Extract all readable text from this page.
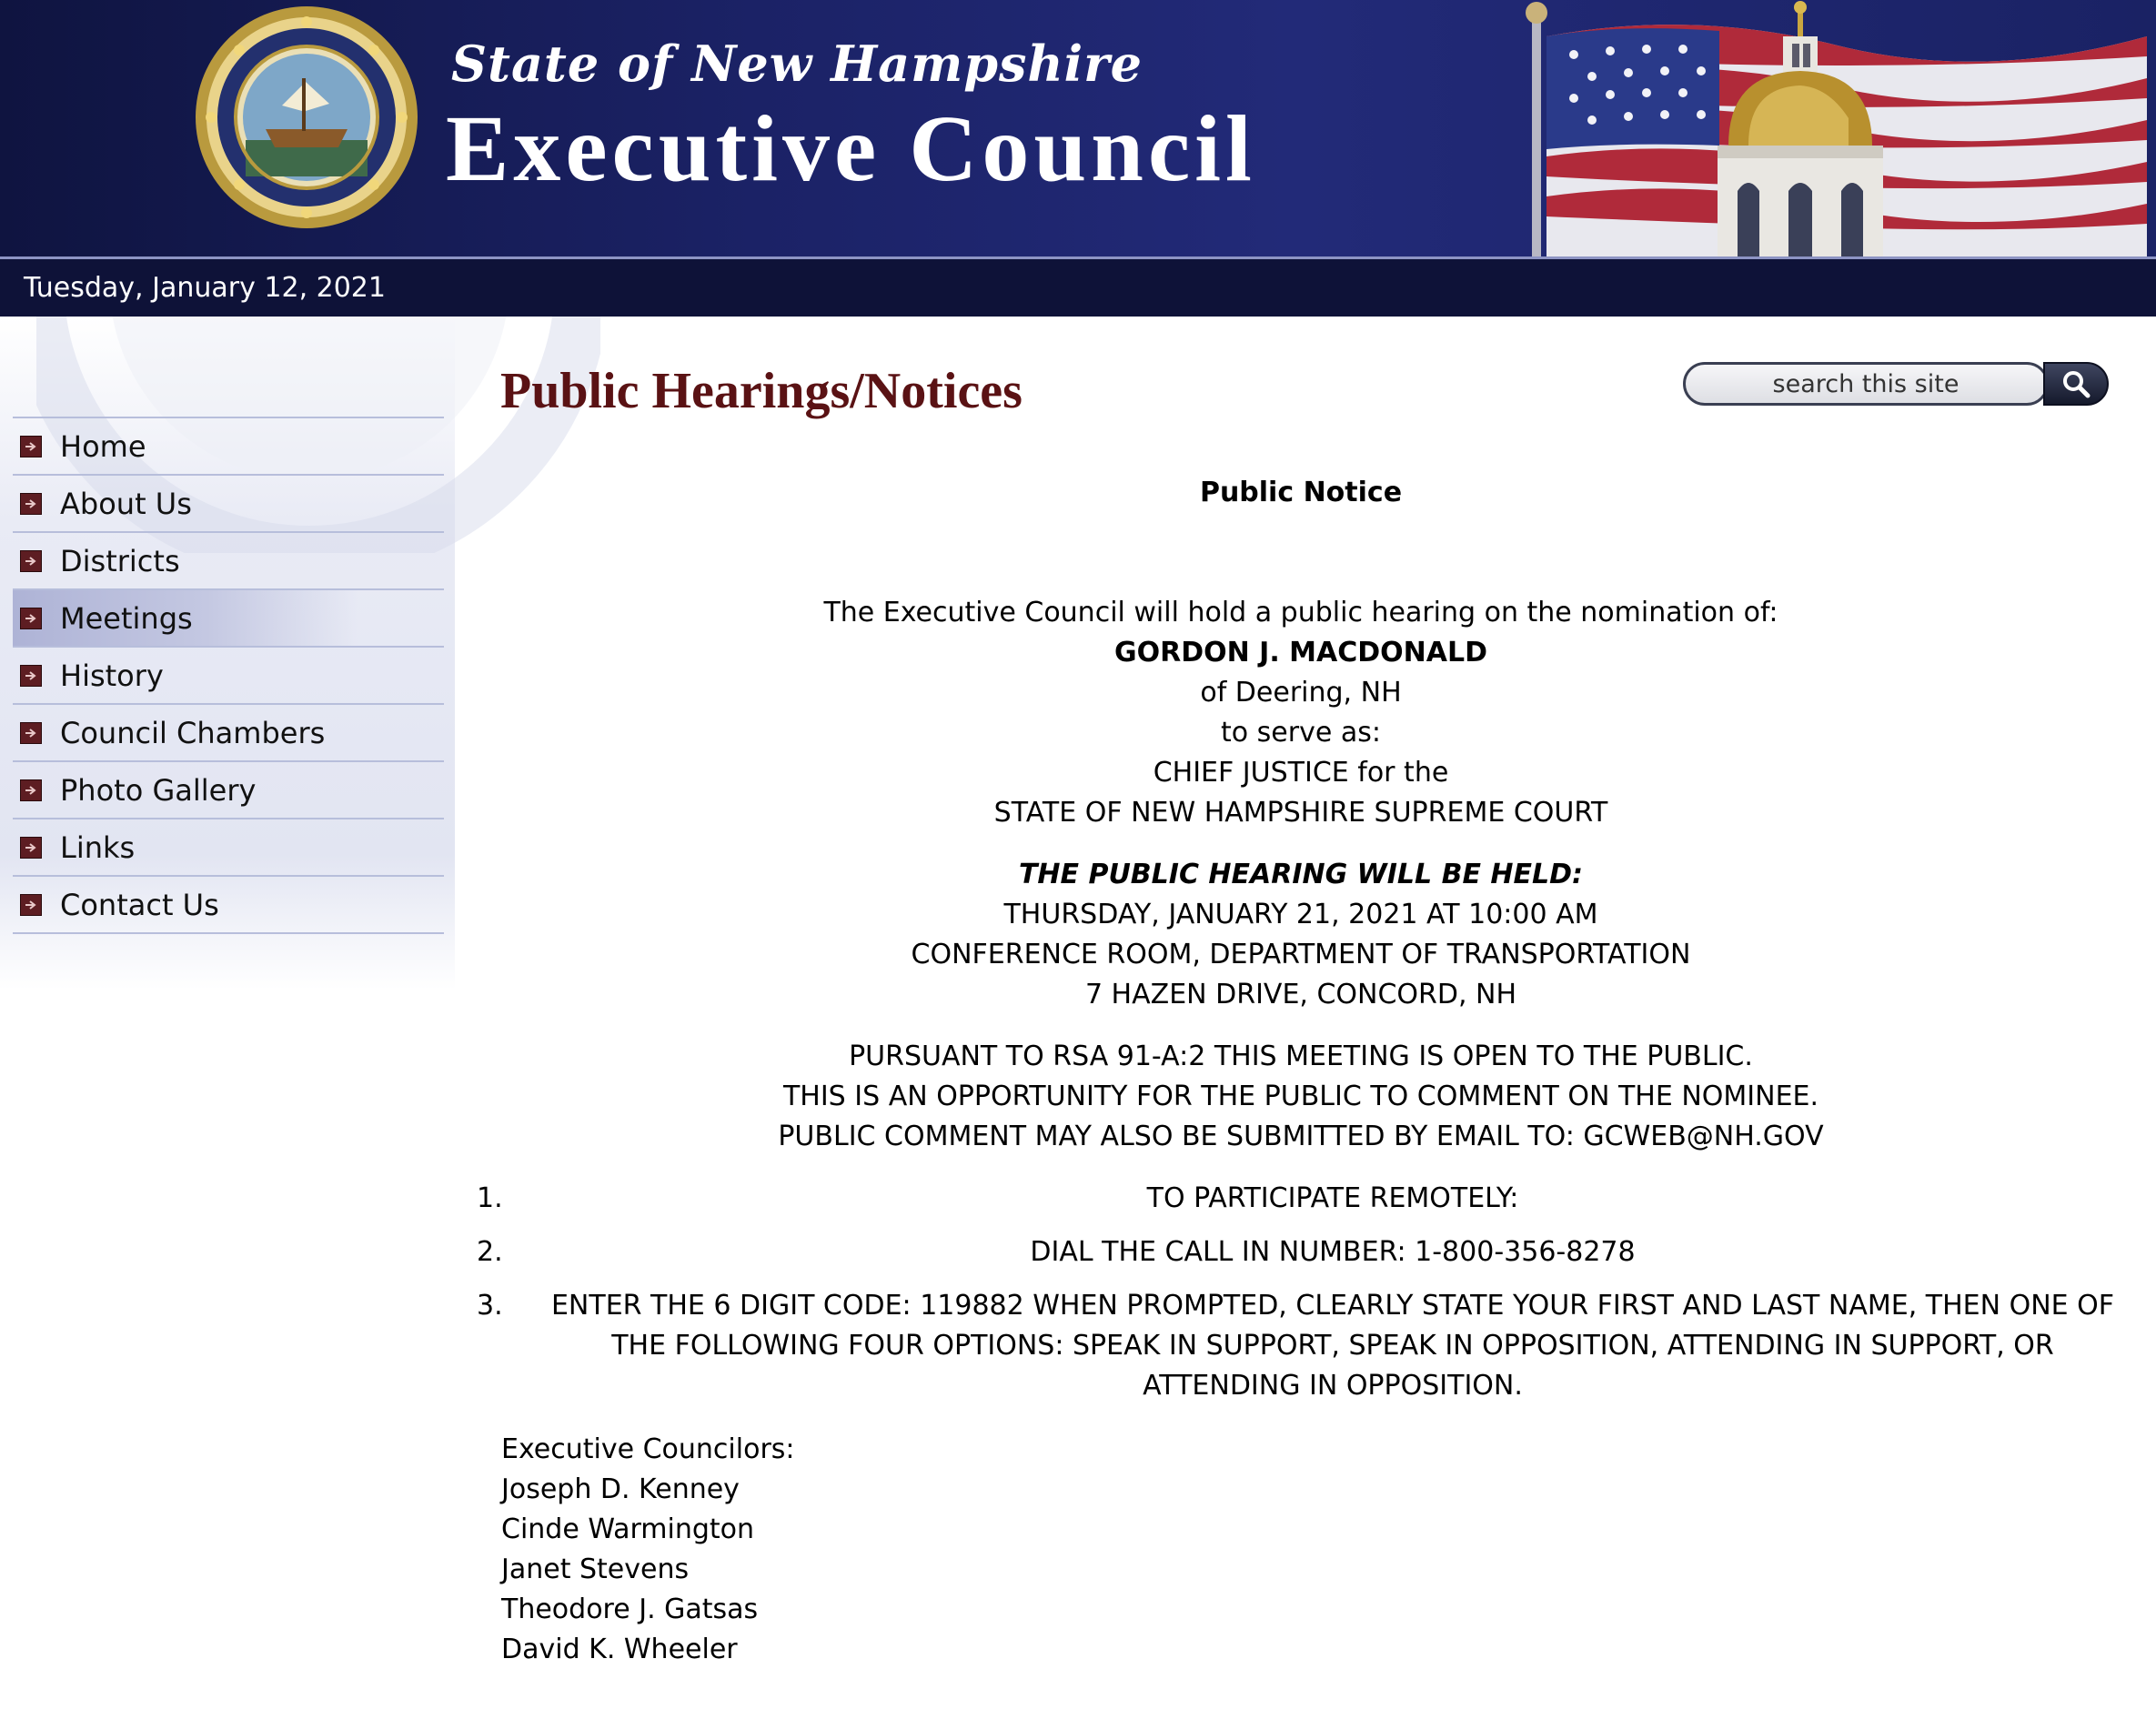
State of New Hampshire
Executive Council
Tuesday, January 12, 2021
Home
About Us
Districts
Meetings
History
Council Chambers
Photo Gallery
Links
Contact Us
Public Hearings/Notices
search this site

Public Notice

The Executive Council will hold a public hearing on the nomination of:

GORDON J. MACDONALD

of Deering, NH

to serve as:

CHIEF JUSTICE for the

STATE OF NEW HAMPSHIRE SUPREME COURT

THE PUBLIC HEARING WILL BE HELD:

THURSDAY, JANUARY 21, 2021 AT 10:00 AM

CONFERENCE ROOM, DEPARTMENT OF TRANSPORTATION

7 HAZEN DRIVE, CONCORD, NH

PURSUANT TO RSA 91-A:2 THIS MEETING IS OPEN TO THE PUBLIC.

THIS IS AN OPPORTUNITY FOR THE PUBLIC TO COMMENT ON THE NOMINEE.

PUBLIC COMMENT MAY ALSO BE SUBMITTED BY EMAIL TO: GCWEB@NH.GOV

1.	TO PARTICIPATE REMOTELY:
2.	DIAL THE CALL IN NUMBER: 1-800-356-8278
3. ENTER THE 6 DIGIT CODE: 119882 WHEN PROMPTED, CLEARLY STATE YOUR FIRST AND LAST NAME, THEN ONE OF THE FOLLOWING FOUR OPTIONS: SPEAK IN SUPPORT, SPEAK IN OPPOSITION, ATTENDING IN SUPPORT, OR ATTENDING IN OPPOSITION.

Executive Councilors:

Joseph D. Kenney

Cinde Warmington

Janet Stevens

Theodore J. Gatsas

David K. Wheeler
